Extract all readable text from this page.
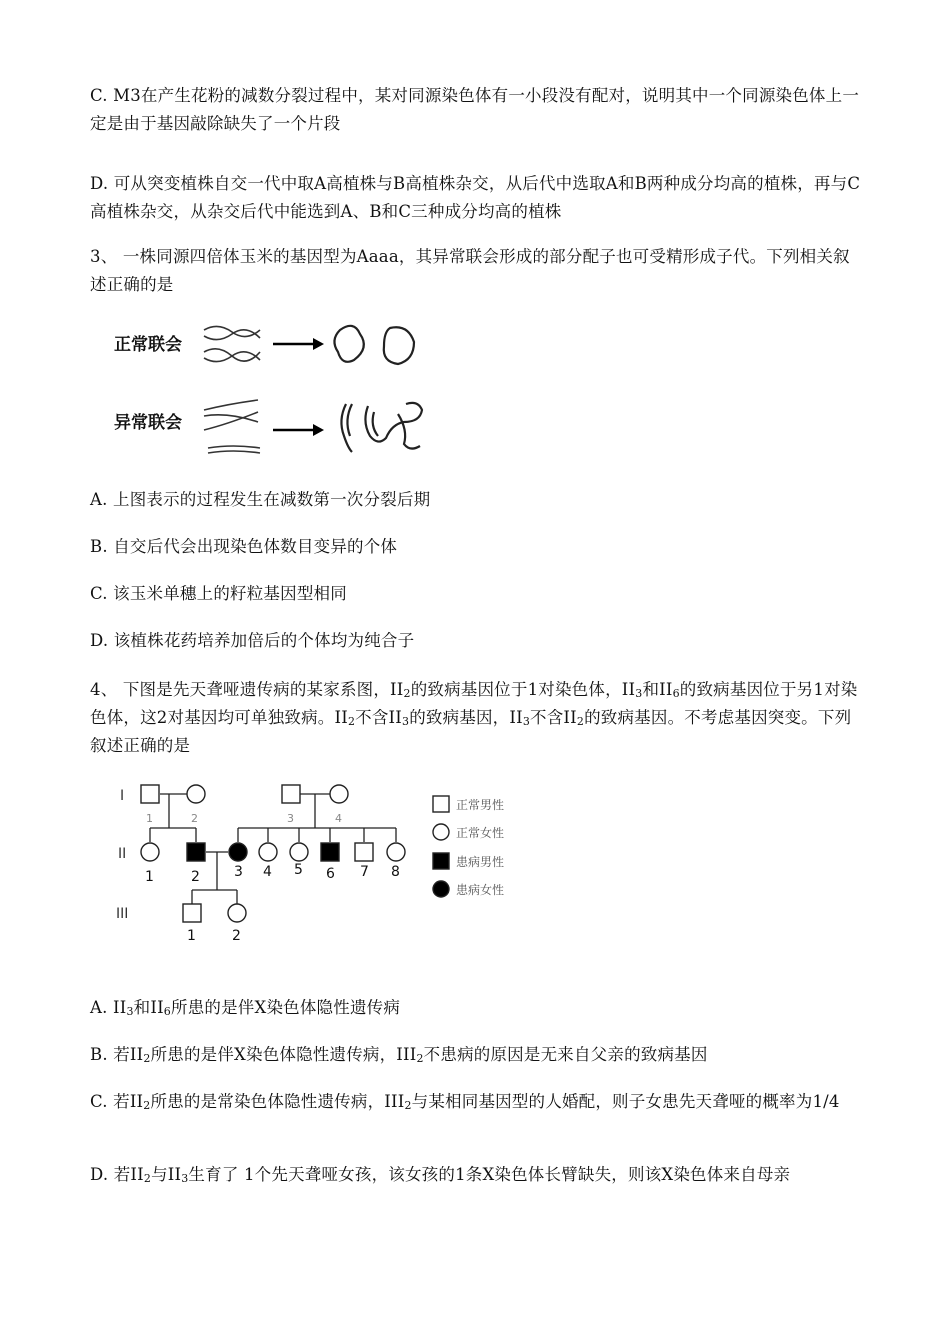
C. M3在产生花粉的减数分裂过程中，某对同源染色体有一小段没有配对，说明其中一个同源染色体上一定是由于基因敲除缺失了一个片段

D. 可从突变植株自交一代中取A高植株与B高植株杂交，从后代中选取A和B两种成分均高的植株，再与C高植株杂交，从杂交后代中能选到A、B和C三种成分均高的植株

3、 一株同源四倍体玉米的基因型为Aaaa，其异常联会形成的部分配子也可受精形成子代。下列相关叙述正确的是

正常联会
异常联会

A. 上图表示的过程发生在减数第一次分裂后期

B. 自交后代会出现染色体数目变异的个体

C. 该玉米单穗上的籽粒基因型相同

D. 该植株花药培养加倍后的个体均为纯合子

4、 下图是先天聋哑遗传病的某家系图，$II_2$的致病基因位于1对染色体，$II_3$和$II_6$的致病基因位于另1对染色体，这2对基因均可单独致病。$II_2$不含$II_3$的致病基因，$II_3$不含$II_2$的致病基因。不考虑基因突变。下列叙述正确的是

I
II
III
1	2	3	4
1	2 3 4 5 6 7 8
1	2
正常男性
正常女性
患病男性
患病女性

A. $II_3$和$II_6$所患的是伴X染色体隐性遗传病

B. 若$II_2$所患的是伴X染色体隐性遗传病，$III_2$不患病的原因是无来自父亲的致病基因

C. 若$II_2$所患的是常染色体隐性遗传病，$III_2$与某相同基因型的人婚配，则子女患先天聋哑的概率为1/4

D. 若$II_2$与$II_3$生育了 1个先天聋哑女孩，该女孩的1条X染色体长臂缺失，则该X染色体来自母亲
